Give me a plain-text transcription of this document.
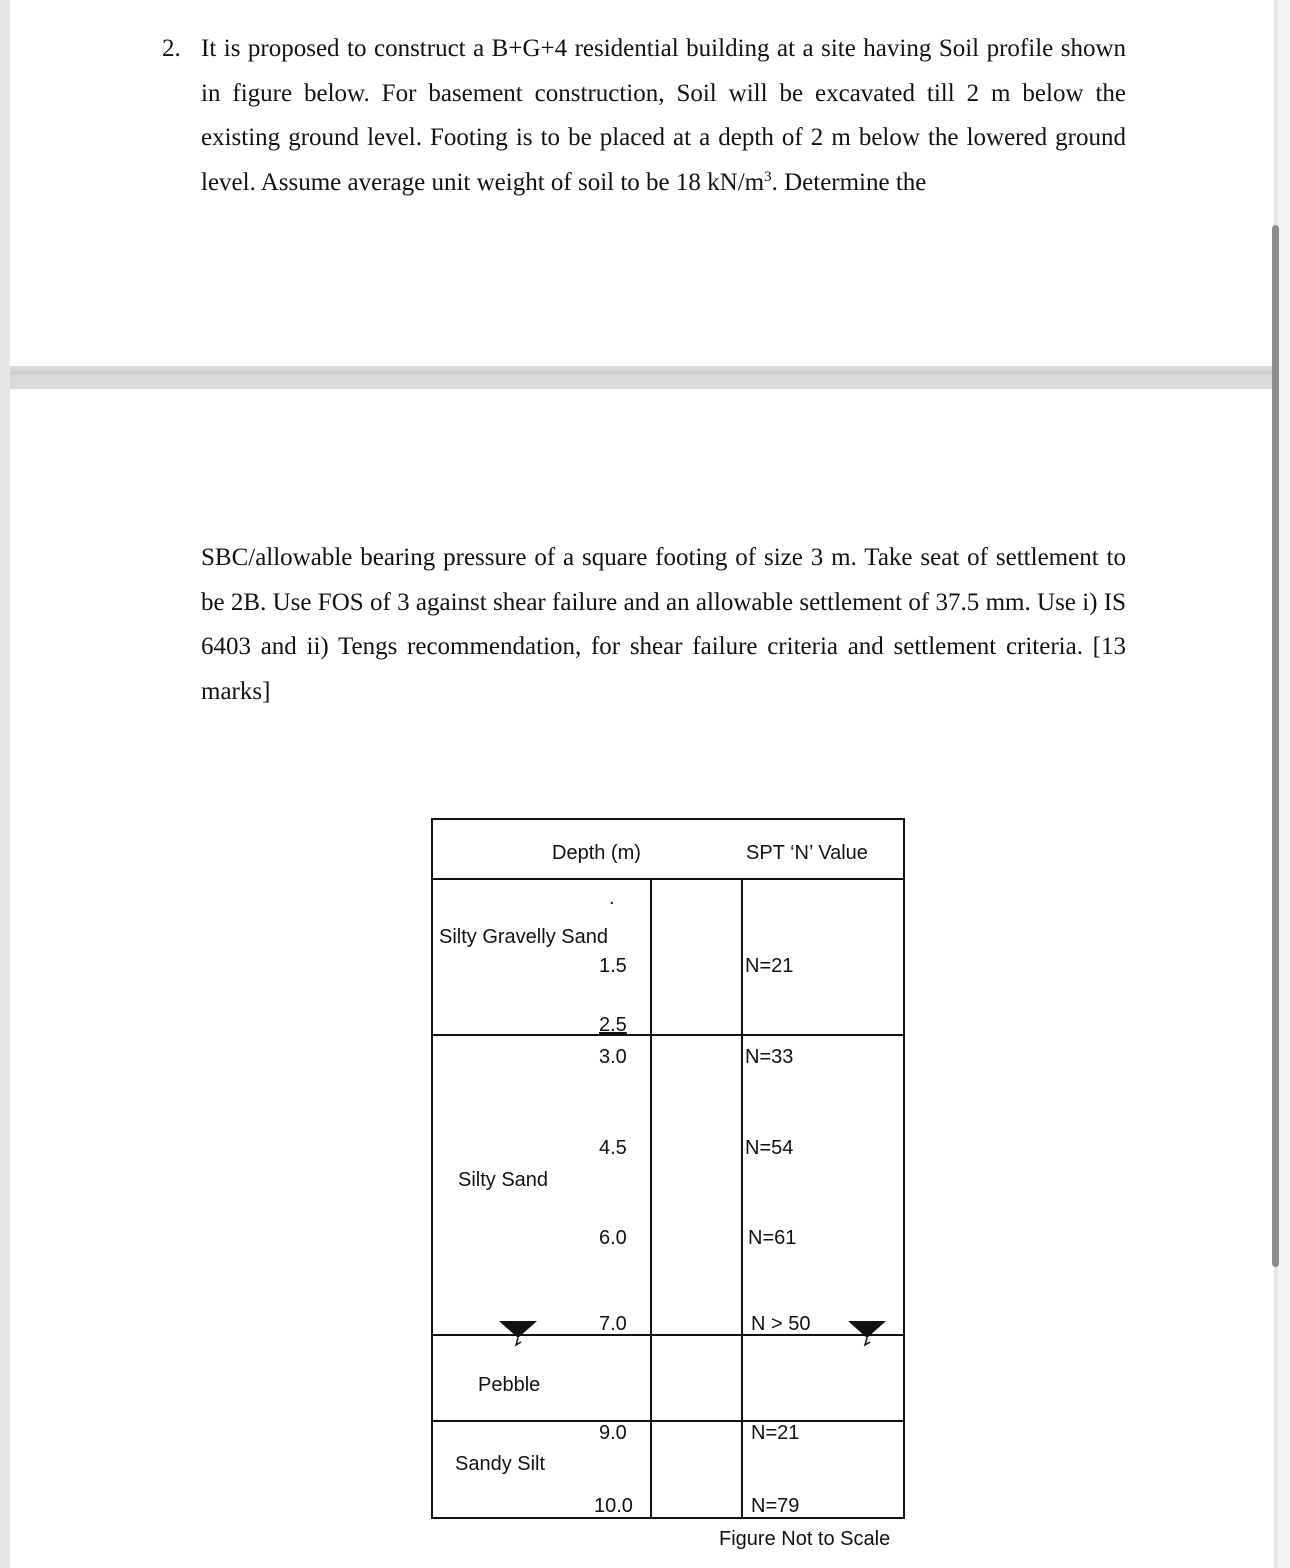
2. It is proposed to construct a B+G+4 residential building at a site having Soil profile shown in figure below. For basement construction, Soil will be excavated till 2 m below the existing ground level. Footing is to be placed at a depth of 2 m below the lowered ground level. Assume average unit weight of soil to be 18 $kN/m^3$. Determine the
SBC/allowable bearing pressure of a square footing of size 3 m. Take seat of settlement to be 2B. Use FOS of 3 against shear failure and an allowable settlement of 37.5 mm. Use i) IS 6403 and ii) Tengs recommendation, for shear failure criteria and settlement criteria. [13 marks]
Depth (m)	SPT ‘N’ Value
.
Silty Gravelly Sand
Silty Sand
Pebble
Sandy Silt
1.5
2.5
3.0
4.5
6.0
7.0
9.0
10.0
N=21
N=33
N=54
N=61
N > 50
N=21
N=79
Figure Not to Scale
